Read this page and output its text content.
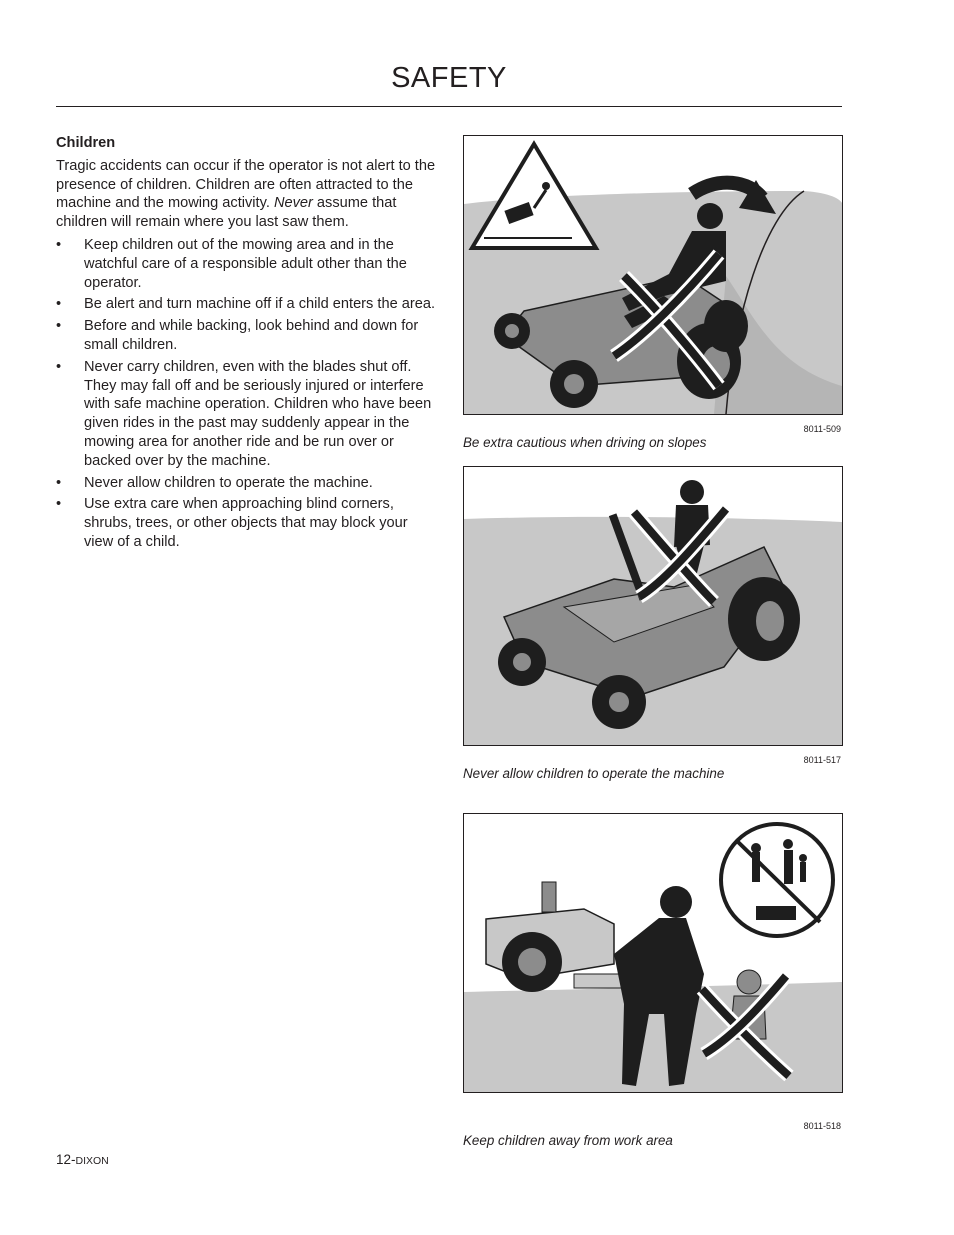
SAFETY
Children

Tragic accidents can occur if the operator is not alert to the presence of children. Children are often attracted to the machine and the mowing activity. Never assume that children will remain where you last saw them.

• Keep children out of the mowing area and in the watchful care of a responsible adult other than the operator.
• Be alert and turn machine off if a child enters the area.
• Before and while backing, look behind and down for small children.
• Never carry children, even with the blades shut off. They may fall off and be seriously injured or interfere with safe machine operation. Children who have been given rides in the past may suddenly appear in the mowing area for another ride and be run over or backed over by the machine.
• Never allow children to operate the machine.
• Use extra care when approaching blind corners, shrubs, trees, or other objects that may block your view of a child.
8011-509
Be extra cautious when driving on slopes
8011-517
Never allow children to operate the machine
8011-518
Keep children away from work area
12-DIXON
